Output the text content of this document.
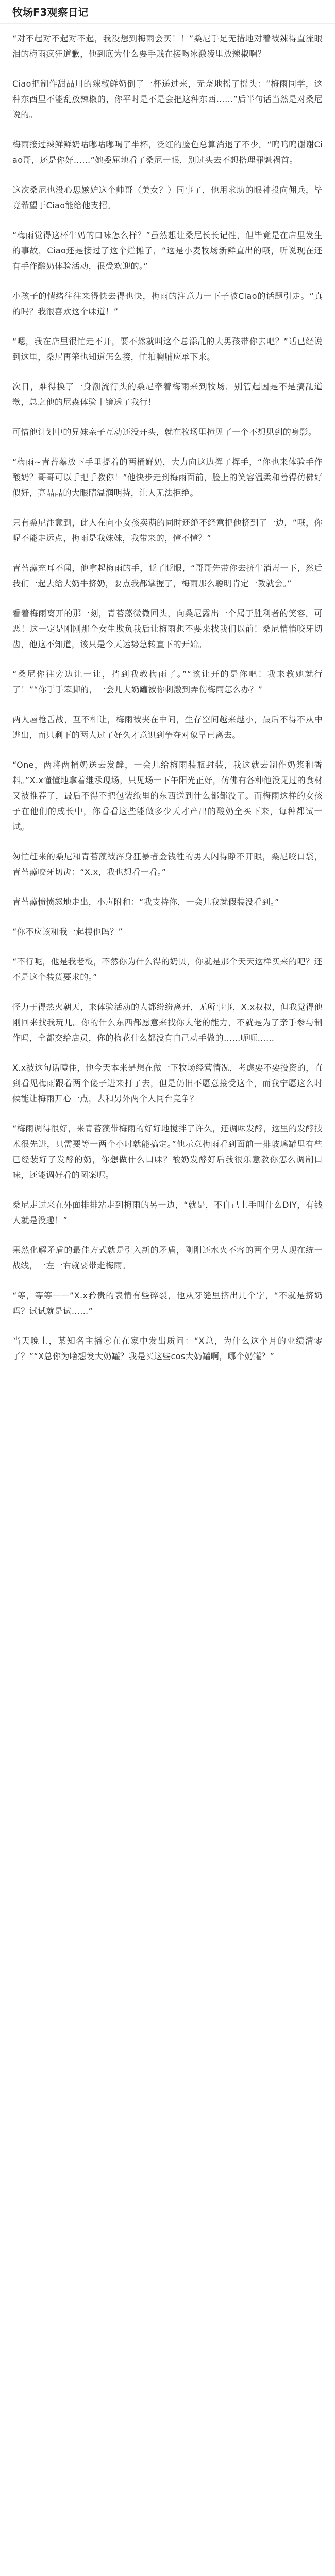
牧场F3观察日记

“对不起对不起对不起，我没想到梅雨会买！！”桑尼手足无措地对着被辣得直流眼泪的梅雨疯狂道歉，他到底为什么要手贱在接吻冰激凌里放辣椒啊？

Ciao把制作甜品用的辣椒鲜奶倒了一杯递过来，无奈地摇了摇头：“梅雨同学，这种东西里不能乱放辣椒的，你平时是不是会把这种东西……”后半句话当然是对桑尼说的。

梅雨接过辣鲜鲜奶咕嘟咕嘟喝了半杯，泛红的脸色总算消退了不少。“呜呜呜谢谢Ciao哥，还是你好……”她委屈地看了桑尼一眼，别过头去不想搭理罪魁祸首。

这次桑尼也没心思嫉妒这个帅哥（美女？）同事了，他用求助的眼神投向佣兵，毕竟希望于Ciao能给他支招。

“梅雨觉得这杯牛奶的口味怎么样？”虽然想让桑尼长长记性，但毕竟是在店里发生的事故，Ciao还是接过了这个烂摊子，“这是小麦牧场新鲜直出的哦，听说现在还有手作酸奶体验活动，很受欢迎的。”

小孩子的情绪往往来得快去得也快，梅雨的注意力一下子被Ciao的话题引走。“真的吗？我很喜欢这个味道！”

“嗯，我在店里很忙走不开，要不然就叫这个总添乱的大男孩带你去吧？”话已经说到这里，桑尼再笨也知道怎么接，忙拍胸脯应承下来。

次日，难得换了一身潮流行头的桑尼牵着梅雨来到牧场，别管起因是不是搞乱道歉，总之他的尼森体验十镜透了我行！

可惜他计划中的兄妹亲子互动还没开头，就在牧场里撞见了一个不想见到的身影。

“梅雨~青苔藻放下手里提着的两桶鲜奶，大力向这边挥了挥手，“你也来体验手作酸奶？哥哥可以手把手教你！”他快步走到梅雨面前，脸上的笑容温柔和善得仿佛好似好，亮晶晶的大眼睛温润明持，让人无法拒绝。

只有桑尼注意到，此人在向小女孩卖萌的同时还绝不经意把他挤到了一边，“哦，你呢不能走远点，梅雨是我妹妹，我带来的，懂不懂？”

青苔藻充耳不闻，他拿起梅雨的手，眨了眨眼，“哥哥先带你去挤牛消毒一下，然后我们一起去给大奶牛挤奶，要点我都掌握了，梅雨那么聪明肯定一教就会。”

看着梅雨离开的那一刻，青苔藻微微回头，向桑尼露出一个属于胜利者的笑容。可恶！这一定是刚刚那个女生欺负我后让梅雨想不要来找我们以前！桑尼悄悄咬牙切齿，他这不知道，该只是今天运势急转直下的开始。

“桑尼你往旁边让一让，挡到我教梅雨了。”“该让开的是你吧！我来教她就行了！”“你手手笨脚的，一会儿大奶罐被你刺激到弄伤梅雨怎么办？”

两人唇枪舌战，互不相让，梅雨被夹在中间，生存空间越来越小，最后不得不从中逃出，而只剩下的两人过了好久才意识到争夺对象早已离去。

“One，两将两桶奶送去发酵，一会儿给梅雨装瓶封装，我这就去制作奶浆和香料。”X.x懂懂地拿着继承现场，只见场一下午阳光正好，仿佛有各种他没见过的食材又被推荐了，最后不得不把包装纸里的东西送到什么都都没了。而梅雨这样的女孩子在他们的成长中，你看看这些能做多少天才产出的酸奶全买下来，每种都试一试。

匆忙赶来的桑尼和青苔藻被浑身狂暴者金钱牲的男人闪得睁不开眼，桑尼咬口袋，青苔藻咬牙切齿：“X.x，我也想看一看。”

青苔藻愤愤怒地走出，小声附和：“我支持你，一会儿我就假装没看到。”

“你不应该和我一起搜他吗？”

“不行呢，他是我老板，不然你为什么得的奶贝，你就是那个天天这样买来的吧？还不是这个装货要求的。”

怪力于得热火朝天，来体验活动的人都纷纷离开，无所事事，X.x叔叔，但我觉得他刚回来找我玩儿。你的什么东西都愿意来找你大佬的能力，不就是为了亲手参与制作吗，全都交给店员，你的梅花什么都没有自己动手做的……呃呃……

X.x被这句话噎住，他今天本来是想在做一下牧场经营情况，考虑要不要投资的，直到看见梅雨跟着两个傻子进来打了去，但是仍旧不愿意接受这个，而我宁愿这么时候能让梅雨开心一点，去和另外两个人同台竞争？

“梅雨调得很好，来青苔藻带梅雨的好好地搅拌了许久，还调味发酵，这里的发酵技术很先进，只需要等一两个小时就能搞定。”他示意梅雨看到面前一排玻璃罐里有些已经装好了发酵的奶，你想做什么口味？酸奶发酵好后我很乐意教你怎么调制口味，还能调好看的图案呢。

桑尼走过来在外面排排站走到梅雨的另一边，“就是，不自己上手叫什么DIY，有钱人就是没趣！”

果然化解矛盾的最佳方式就是引入新的矛盾，刚刚还水火不容的两个男人现在统一战线，一左一右就要带走梅雨。

“等，等等——”X.x矜贵的表情有些碎裂，他从牙缝里挤出几个字，“不就是挤奶吗？试试就是试……”

当天晚上，某知名主播ⓔ在在家中发出质问：“X总，为什么这个月的业绩清零了？”“X总你为啥想发大奶罐？我是买这些cos大奶罐啊，哪个奶罐？”
